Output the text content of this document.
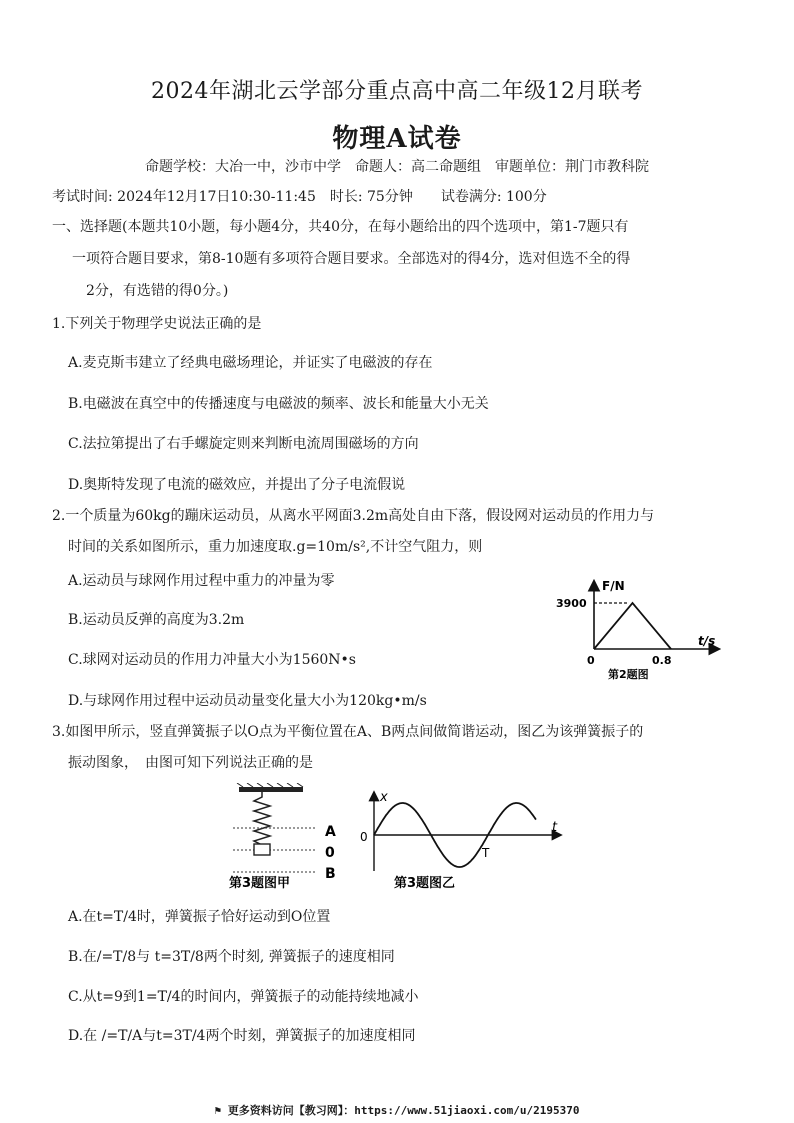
2024年湖北云学部分重点高中高二年级12月联考
物理A试卷
命题学校：大冶一中，沙市中学　命题人：高二命题组　审题单位：荆门市教科院
考试时间: 2024年12月17日10:30-11:45　时长: 75分钟　　试卷满分: 100分
一、选择题(本题共10小题，每小题4分，共40分，在每小题给出的四个选项中，第1-7题只有
一项符合题目要求，第8-10题有多项符合题目要求。全部选对的得4分，选对但选不全的得
2分，有选错的得0分。)
1.下列关于物理学史说法正确的是
A.麦克斯韦建立了经典电磁场理论，并证实了电磁波的存在
B.电磁波在真空中的传播速度与电磁波的频率、波长和能量大小无关
C.法拉第提出了右手螺旋定则来判断电流周围磁场的方向
D.奥斯特发现了电流的磁效应，并提出了分子电流假说
2.一个质量为60kg的蹦床运动员，从离水平网面3.2m高处自由下落，假设网对运动员的作用力与
时间的关系如图所示，重力加速度取.g=10m/s²,不计空气阻力，则
A.运动员与球网作用过程中重力的冲量为零
B.运动员反弹的高度为3.2m
C.球网对运动员的作用力冲量大小为1560N•s
D.与球网作用过程中运动员动量变化量大小为120kg•m/s
F/N
t/s
3900
0	0.8
第2题图
3.如图甲所示，竖直弹簧振子以O点为平衡位置在A、B两点间做简谐运动，图乙为该弹簧振子的
振动图象，　由图可知下列说法正确的是
A
0
B
第3题图甲
x
t
0
T
第3题图乙
A.在t=T/4时，弹簧振子恰好运动到O位置
B.在/=T/8与 t=3T/8两个时刻, 弹簧振子的速度相同
C.从t=9到1=T/4的时间内，弹簧振子的动能持续地减小
D.在 /=T/A与t=3T/4两个时刻，弹簧振子的加速度相同
⚑ 更多资料访问【教习网】：https://www.51jiaoxi.com/u/2195370
